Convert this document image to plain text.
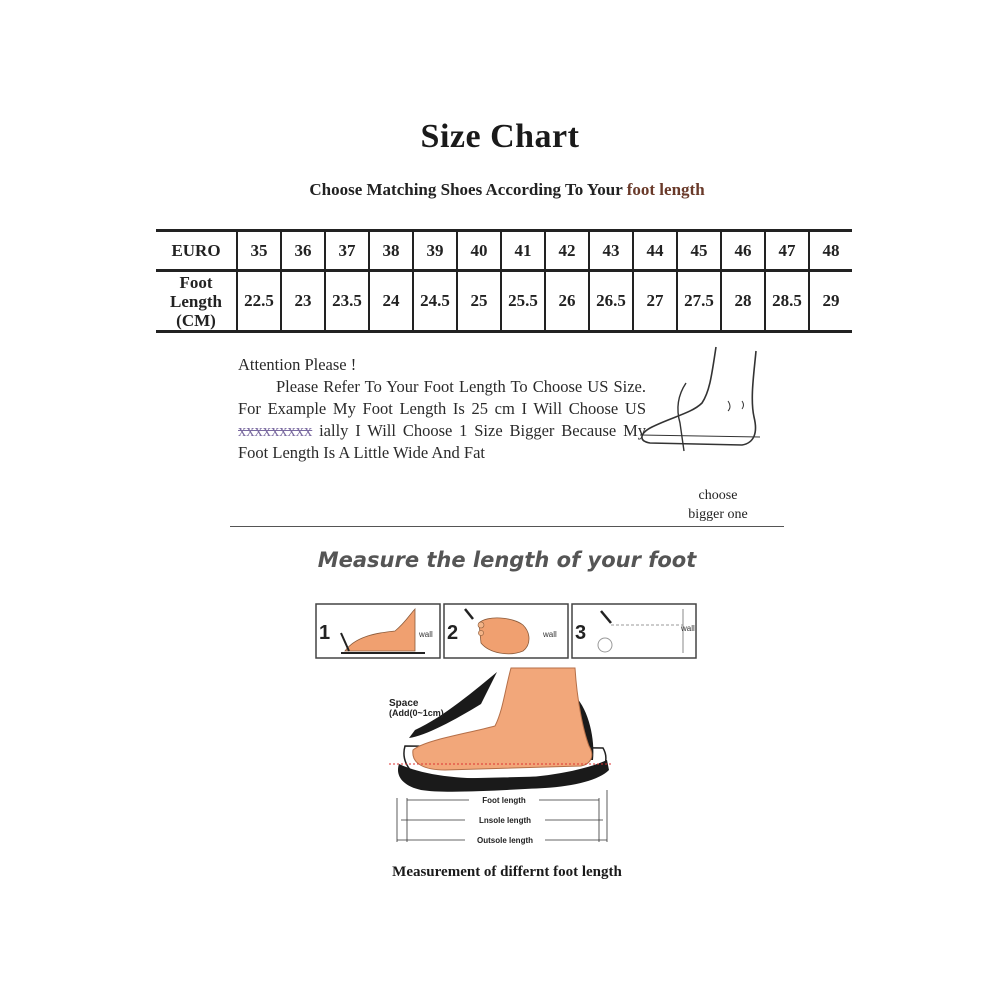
Size Chart
Choose Matching Shoes According To Your foot length
EURO	35	36	37	38	39	40	41	42	43	44	45	46	47	48

Foot
Length
(CM)	22.5	23	23.5	24	24.5	25	25.5	26	26.5	27	27.5	28	28.5	29
Attention Please !
Please Refer To Your Foot Length To Choose US Size. For Example My Foot Length Is 25 cm I Will Choose US xxxxxxxxx ially I Will Choose 1 Size Bigger Because My Foot Length Is A Little Wide And Fat
choose
bigger one
Measure the length of your foot
1	wall 2	wall 3	wall
Foot length
Lnsole length
Outsole length
Space
(Add(0~1cm)
Measurement of differnt foot length
